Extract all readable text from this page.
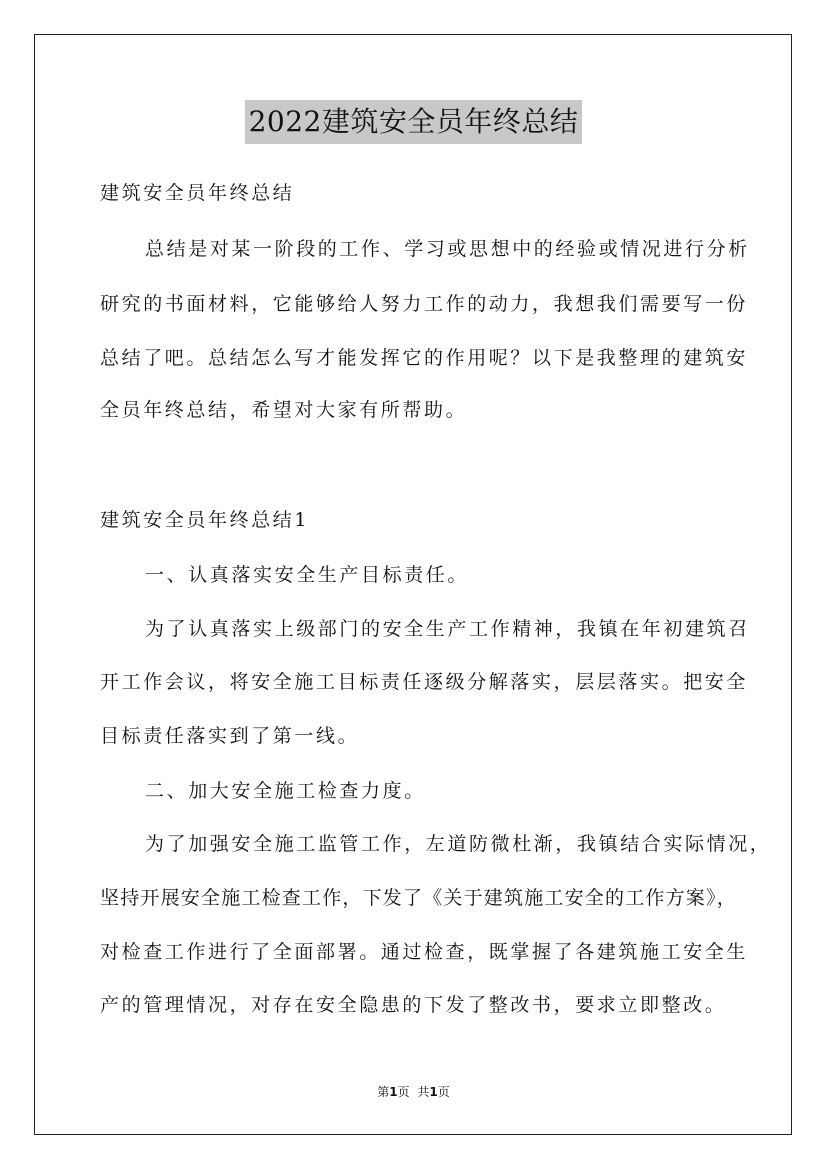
2022建筑安全员年终总结
建筑安全员年终总结
总结是对某一阶段的工作、学习或思想中的经验或情况进行分析
研究的书面材料，它能够给人努力工作的动力，我想我们需要写一份
总结了吧。总结怎么写才能发挥它的作用呢？以下是我整理的建筑安
全员年终总结，希望对大家有所帮助。
建筑安全员年终总结1
一、认真落实安全生产目标责任。
为了认真落实上级部门的安全生产工作精神，我镇在年初建筑召
开工作会议，将安全施工目标责任逐级分解落实，层层落实。把安全
目标责任落实到了第一线。
二、加大安全施工检查力度。
为了加强安全施工监管工作，左道防微杜渐，我镇结合实际情况，
坚持开展安全施工检查工作，下发了《关于建筑施工安全的工作方案》，
对检查工作进行了全面部署。通过检查，既掌握了各建筑施工安全生
产的管理情况，对存在安全隐患的下发了整改书，要求立即整改。
第1页 共1页
